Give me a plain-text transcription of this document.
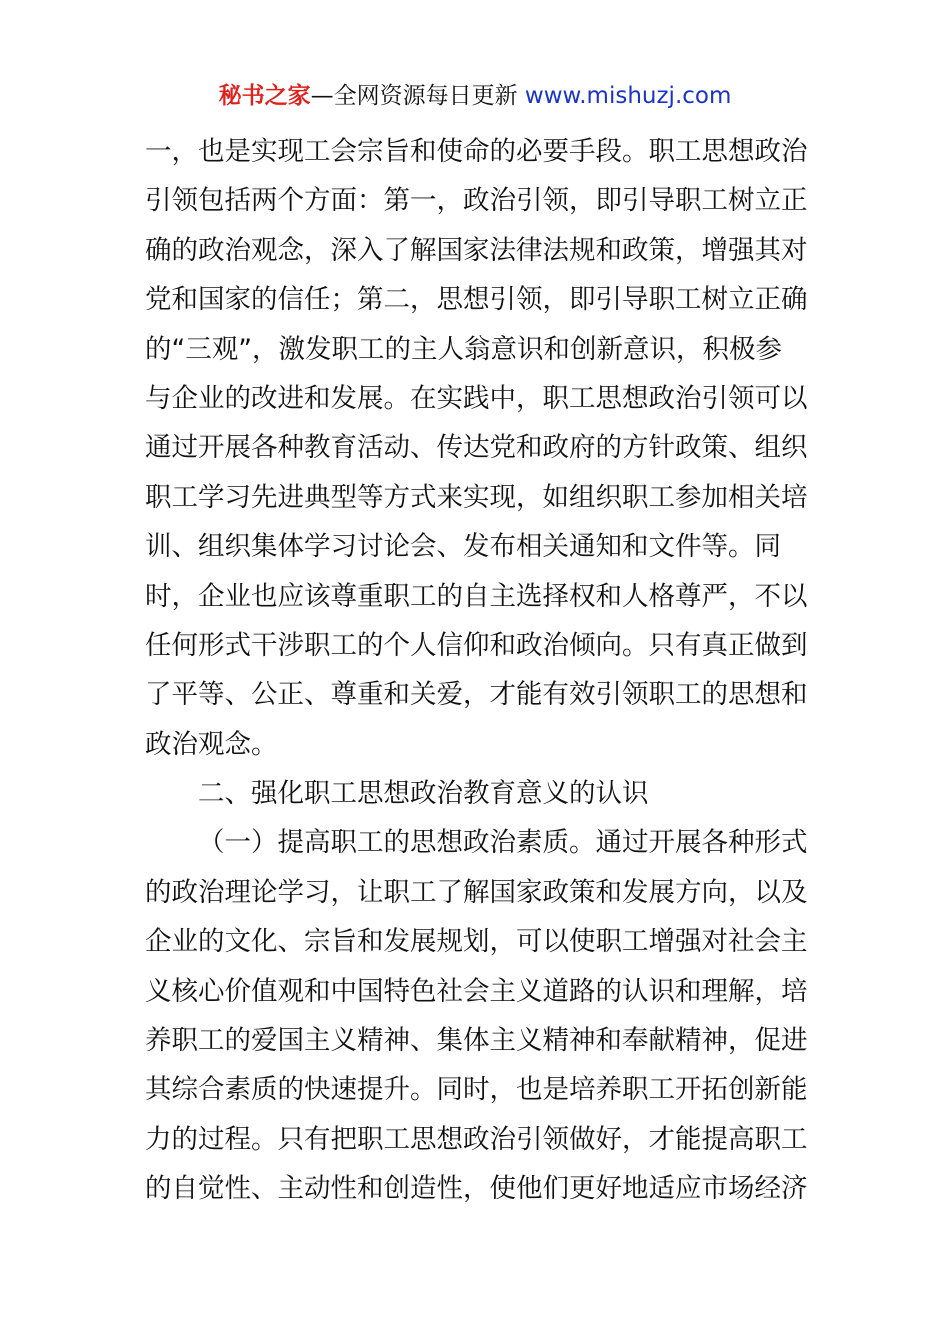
秘书之家—全网资源每日更新 www.mishuzj.com
一，也是实现工会宗旨和使命的必要手段。职工思想政治
引领包括两个方面：第一，政治引领，即引导职工树立正
确的政治观念，深入了解国家法律法规和政策，增强其对
党和国家的信任；第二，思想引领，即引导职工树立正确
的“三观”，激发职工的主人翁意识和创新意识，积极参
与企业的改进和发展。在实践中，职工思想政治引领可以
通过开展各种教育活动、传达党和政府的方针政策、组织
职工学习先进典型等方式来实现，如组织职工参加相关培
训、组织集体学习讨论会、发布相关通知和文件等。同
时，企业也应该尊重职工的自主选择权和人格尊严，不以
任何形式干涉职工的个人信仰和政治倾向。只有真正做到
了平等、公正、尊重和关爱，才能有效引领职工的思想和
政治观念。
二、强化职工思想政治教育意义的认识
（一）提高职工的思想政治素质。通过开展各种形式
的政治理论学习，让职工了解国家政策和发展方向，以及
企业的文化、宗旨和发展规划，可以使职工增强对社会主
义核心价值观和中国特色社会主义道路的认识和理解，培
养职工的爱国主义精神、集体主义精神和奉献精神，促进
其综合素质的快速提升。同时，也是培养职工开拓创新能
力的过程。只有把职工思想政治引领做好，才能提高职工
的自觉性、主动性和创造性，使他们更好地适应市场经济
